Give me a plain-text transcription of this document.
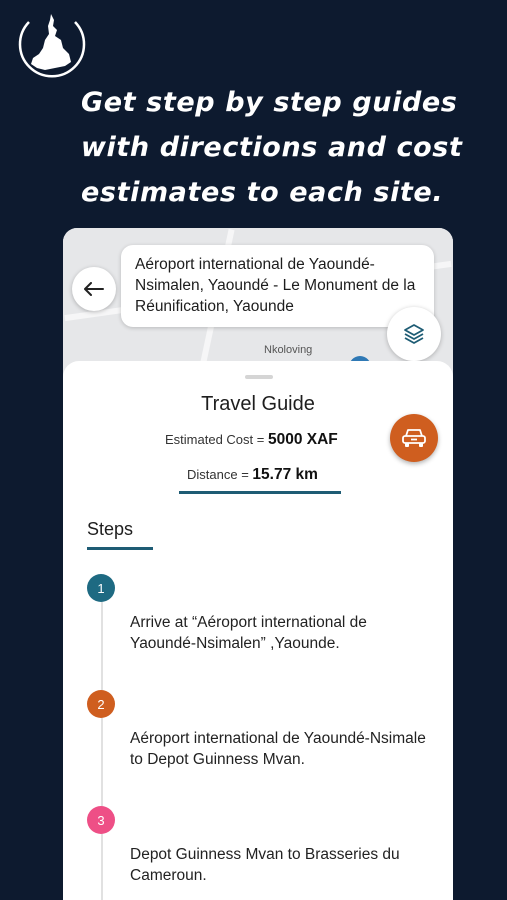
Get step by step guides
with directions and cost
estimates to each site.
Nkoloving
Aéroport international de Yaoundé-Nsimalen, Yaoundé - Le Monument de la Réunification, Yaounde
Travel Guide
Estimated Cost = 5000 XAF
Distance = 15.77 km
Steps
1
Arrive at “Aéroport international de Yaoundé-Nsimalen” ,Yaounde.
2
Aéroport international de Yaoundé-Nsimale to Depot Guinness Mvan.
3
Depot Guinness Mvan to Brasseries du Cameroun.
